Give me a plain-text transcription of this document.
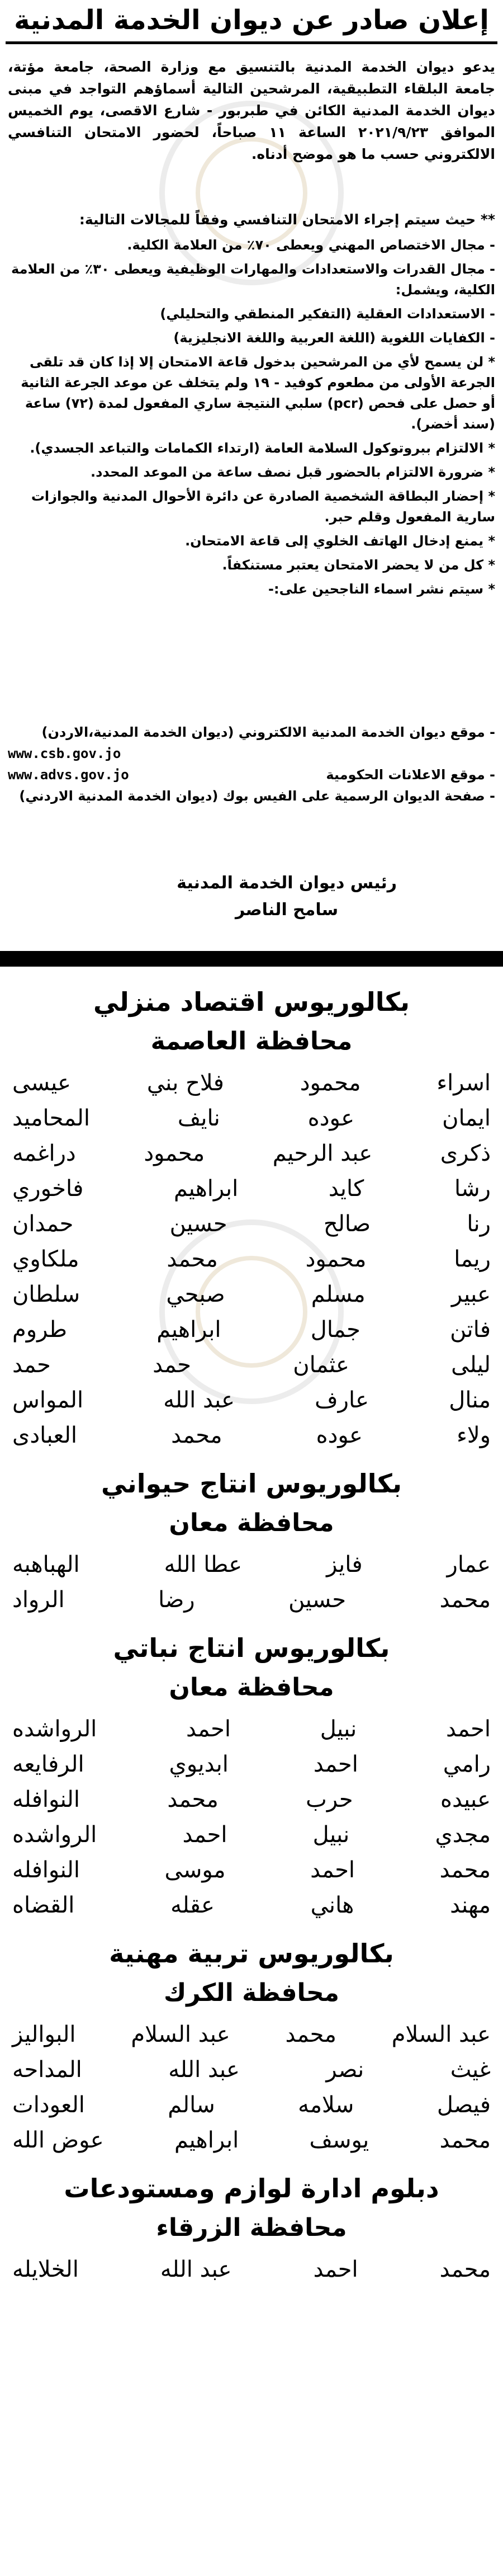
إعلان صادر عن ديوان الخدمة المدنية
يدعو ديوان الخدمة المدنية بالتنسيق مع وزارة الصحة، جامعة مؤتة، جامعة البلقاء التطبيقية، المرشحين التالية أسماؤهم التواجد في مبنى ديوان الخدمة المدنية الكائن في طبربور - شارع الاقصى، يوم الخميس الموافق ٢٠٢١/٩/٢٣ الساعة ١١ صباحاً، لحضور الامتحان التنافسي الالكتروني حسب ما هو موضح أدناه.
** حيث سيتم إجراء الامتحان التنافسي وفقاً للمجالات التالية:
- مجال الاختصاص المهني ويعطى ٧٠٪ من العلامة الكلية.
- مجال القدرات والاستعدادات والمهارات الوظيفية ويعطى ٣٠٪ من العلامة الكلية، ويشمل:
- الاستعدادات العقلية (التفكير المنطقي والتحليلي)
- الكفايات اللغوية (اللغة العربية واللغة الانجليزية)
* لن يسمح لأي من المرشحين بدخول قاعة الامتحان إلا إذا كان قد تلقى الجرعة الأولى من مطعوم كوفيد - ١٩ ولم يتخلف عن موعد الجرعة الثانية أو حصل على فحص (pcr) سلبي النتيجة ساري المفعول لمدة (٧٢) ساعة (سند أخضر).
* الالتزام ببروتوكول السلامة العامة (ارتداء الكمامات والتباعد الجسدي).
* ضرورة الالتزام بالحضور قبل نصف ساعة من الموعد المحدد.
* إحضار البطاقة الشخصية الصادرة عن دائرة الأحوال المدنية والجوازات سارية المفعول وقلم حبر.
* يمنع إدخال الهاتف الخلوي إلى قاعة الامتحان.
* كل من لا يحضر الامتحان يعتبر مستنكفاً.
* سيتم نشر اسماء الناجحين على:-
- موقع ديوان الخدمة المدنية الالكتروني (ديوان الخدمة المدنية،الاردن)
www.csb.gov.jo
- موقع الاعلانات الحكومية
www.advs.gov.jo
- صفحة الديوان الرسمية على الفيس بوك (ديوان الخدمة المدنية الاردني)
رئيس ديوان الخدمة المدنية
سامح الناصر
بكالوريوس اقتصاد منزلي
محافظة العاصمة
اسراء
محمود
فلاح بني
عيسى
ايمان
عوده
نايف
المحاميد
ذكرى
عبد الرحيم
محمود
دراغمه
رشا
كايد
ابراهيم
فاخوري
رنا
صالح
حسين
حمدان
ريما
محمود
محمد
ملكاوي
عبير
مسلم
صبحي
سلطان
فاتن
جمال
ابراهيم
طروم
ليلى
عثمان
حمد
حمد
منال
عارف
عبد الله
المواس
ولاء
عوده
محمد
العبادى
بكالوريوس انتاج حيواني
محافظة معان
عمار
فايز
عطا الله
الهباهبه
محمد
حسين
رضا
الرواد
بكالوريوس انتاج نباتي
محافظة معان
احمد
نبيل
احمد
الرواشده
رامي
احمد
ابديوي
الرفايعه
عبيده
حرب
محمد
النوافله
مجدي
نبيل
احمد
الرواشده
محمد
احمد
موسى
النوافله
مهند
هاني
عقله
القضاه
بكالوريوس تربية مهنية
محافظة الكرك
عبد السلام
محمد
عبد السلام
البواليز
غيث
نصر
عبد الله
المداحه
فيصل
سلامه
سالم
العودات
محمد
يوسف
ابراهيم
عوض الله
دبلوم ادارة لوازم ومستودعات
محافظة الزرقاء
محمد
احمد
عبد الله
الخلايله
